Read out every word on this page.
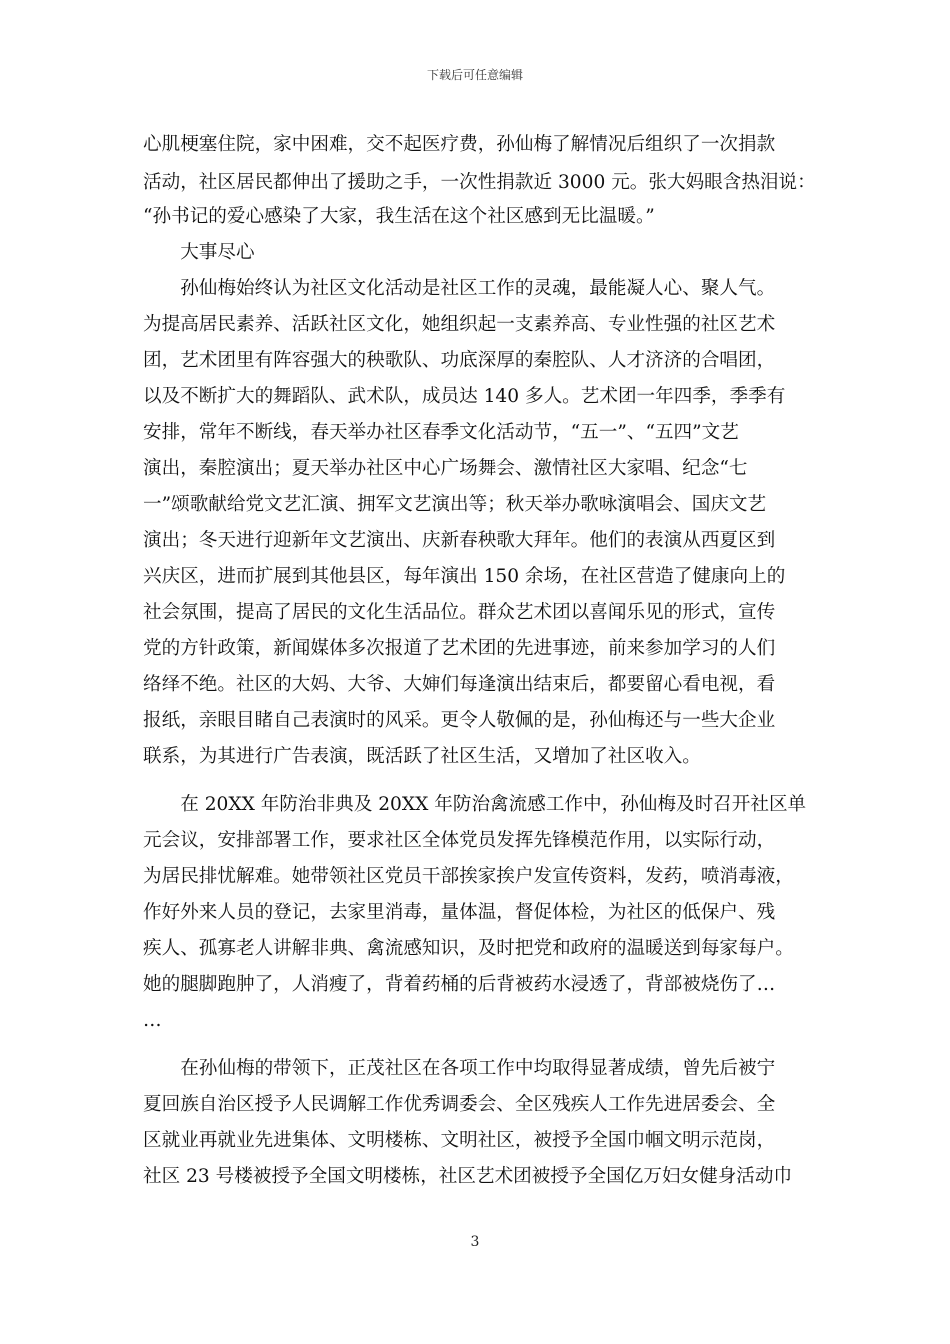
下载后可任意编辑
心肌梗塞住院，家中困难，交不起医疗费，孙仙梅了解情况后组织了一次捐款
活动，社区居民都伸出了援助之手，一次性捐款近 3000 元。张大妈眼含热泪说：
“孙书记的爱心感染了大家，我生活在这个社区感到无比温暖。”
　　大事尽心
　　孙仙梅始终认为社区文化活动是社区工作的灵魂，最能凝人心、聚人气。
为提高居民素养、活跃社区文化，她组织起一支素养高、专业性强的社区艺术
团，艺术团里有阵容强大的秧歌队、功底深厚的秦腔队、人才济济的合唱团，
以及不断扩大的舞蹈队、武术队，成员达 140 多人。艺术团一年四季，季季有
安排，常年不断线，春天举办社区春季文化活动节，“五一”、“五四”文艺
演出，秦腔演出；夏天举办社区中心广场舞会、激情社区大家唱、纪念“七
一”颂歌献给党文艺汇演、拥军文艺演出等；秋天举办歌咏演唱会、国庆文艺
演出；冬天进行迎新年文艺演出、庆新春秧歌大拜年。他们的表演从西夏区到
兴庆区，进而扩展到其他县区，每年演出 150 余场，在社区营造了健康向上的
社会氛围，提高了居民的文化生活品位。群众艺术团以喜闻乐见的形式，宣传
党的方针政策，新闻媒体多次报道了艺术团的先进事迹，前来参加学习的人们
络绎不绝。社区的大妈、大爷、大婶们每逢演出结束后，都要留心看电视，看
报纸，亲眼目睹自己表演时的风采。更令人敬佩的是，孙仙梅还与一些大企业
联系，为其进行广告表演，既活跃了社区生活，又增加了社区收入。
　　在 20XX 年防治非典及 20XX 年防治禽流感工作中，孙仙梅及时召开社区单
元会议，安排部署工作，要求社区全体党员发挥先锋模范作用，以实际行动，
为居民排忧解难。她带领社区党员干部挨家挨户发宣传资料，发药，喷消毒液，
作好外来人员的登记，去家里消毒，量体温，督促体检，为社区的低保户、残
疾人、孤寡老人讲解非典、禽流感知识，及时把党和政府的温暖送到每家每户。
她的腿脚跑肿了，人消瘦了，背着药桶的后背被药水浸透了，背部被烧伤了…
…
　　在孙仙梅的带领下，正茂社区在各项工作中均取得显著成绩，曾先后被宁
夏回族自治区授予人民调解工作优秀调委会、全区残疾人工作先进居委会、全
区就业再就业先进集体、文明楼栋、文明社区，被授予全国巾帼文明示范岗，
社区 23 号楼被授予全国文明楼栋，社区艺术团被授予全国亿万妇女健身活动巾
3
